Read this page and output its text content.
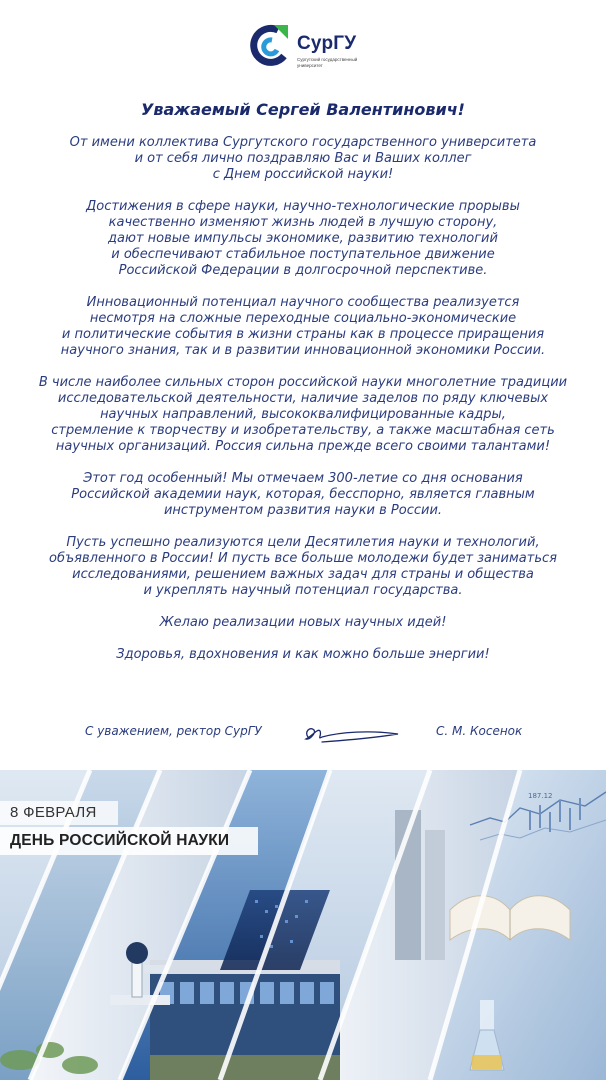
СурГУ
Сургутский государственный университет
Уважаемый Сергей Валентинович!

От имени коллектива Сургутского государственного университета
и от себя лично поздравляю Вас и Ваших коллег
с Днем российской науки!

Достижения в сфере науки, научно-технологические прорывы
качественно изменяют жизнь людей в лучшую сторону,
дают новые импульсы экономике, развитию технологий
и обеспечивают стабильное поступательное движение
Российской Федерации в долгосрочной перспективе.

Инновационный потенциал научного сообщества реализуется
несмотря на сложные переходные социально-экономические
и политические события в жизни страны как в процессе приращения
научного знания, так и в развитии инновационной экономики России.

В числе наиболее сильных сторон российской науки многолетние традиции
исследовательской деятельности, наличие заделов по ряду ключевых
научных направлений, высококвалифицированные кадры,
стремление к творчеству и изобретательству, а также масштабная сеть
научных организаций. Россия сильна прежде всего своими талантами!

Этот год особенный! Мы отмечаем 300-летие со дня основания
Российской академии наук, которая, бесспорно, является главным
инструментом развития науки в России.

Пусть успешно реализуются цели Десятилетия науки и технологий,
объявленного в России! И пусть все больше молодежи будет заниматься
исследованиями, решением важных задач для страны и общества
и укреплять научный потенциал государства.

Желаю реализации новых научных идей!

Здоровья, вдохновения и как можно больше энергии!

С уважением, ректор СурГУ	С. М. Косенок
187.12
8 ФЕВРАЛЯ
ДЕНЬ РОССИЙСКОЙ НАУКИ
